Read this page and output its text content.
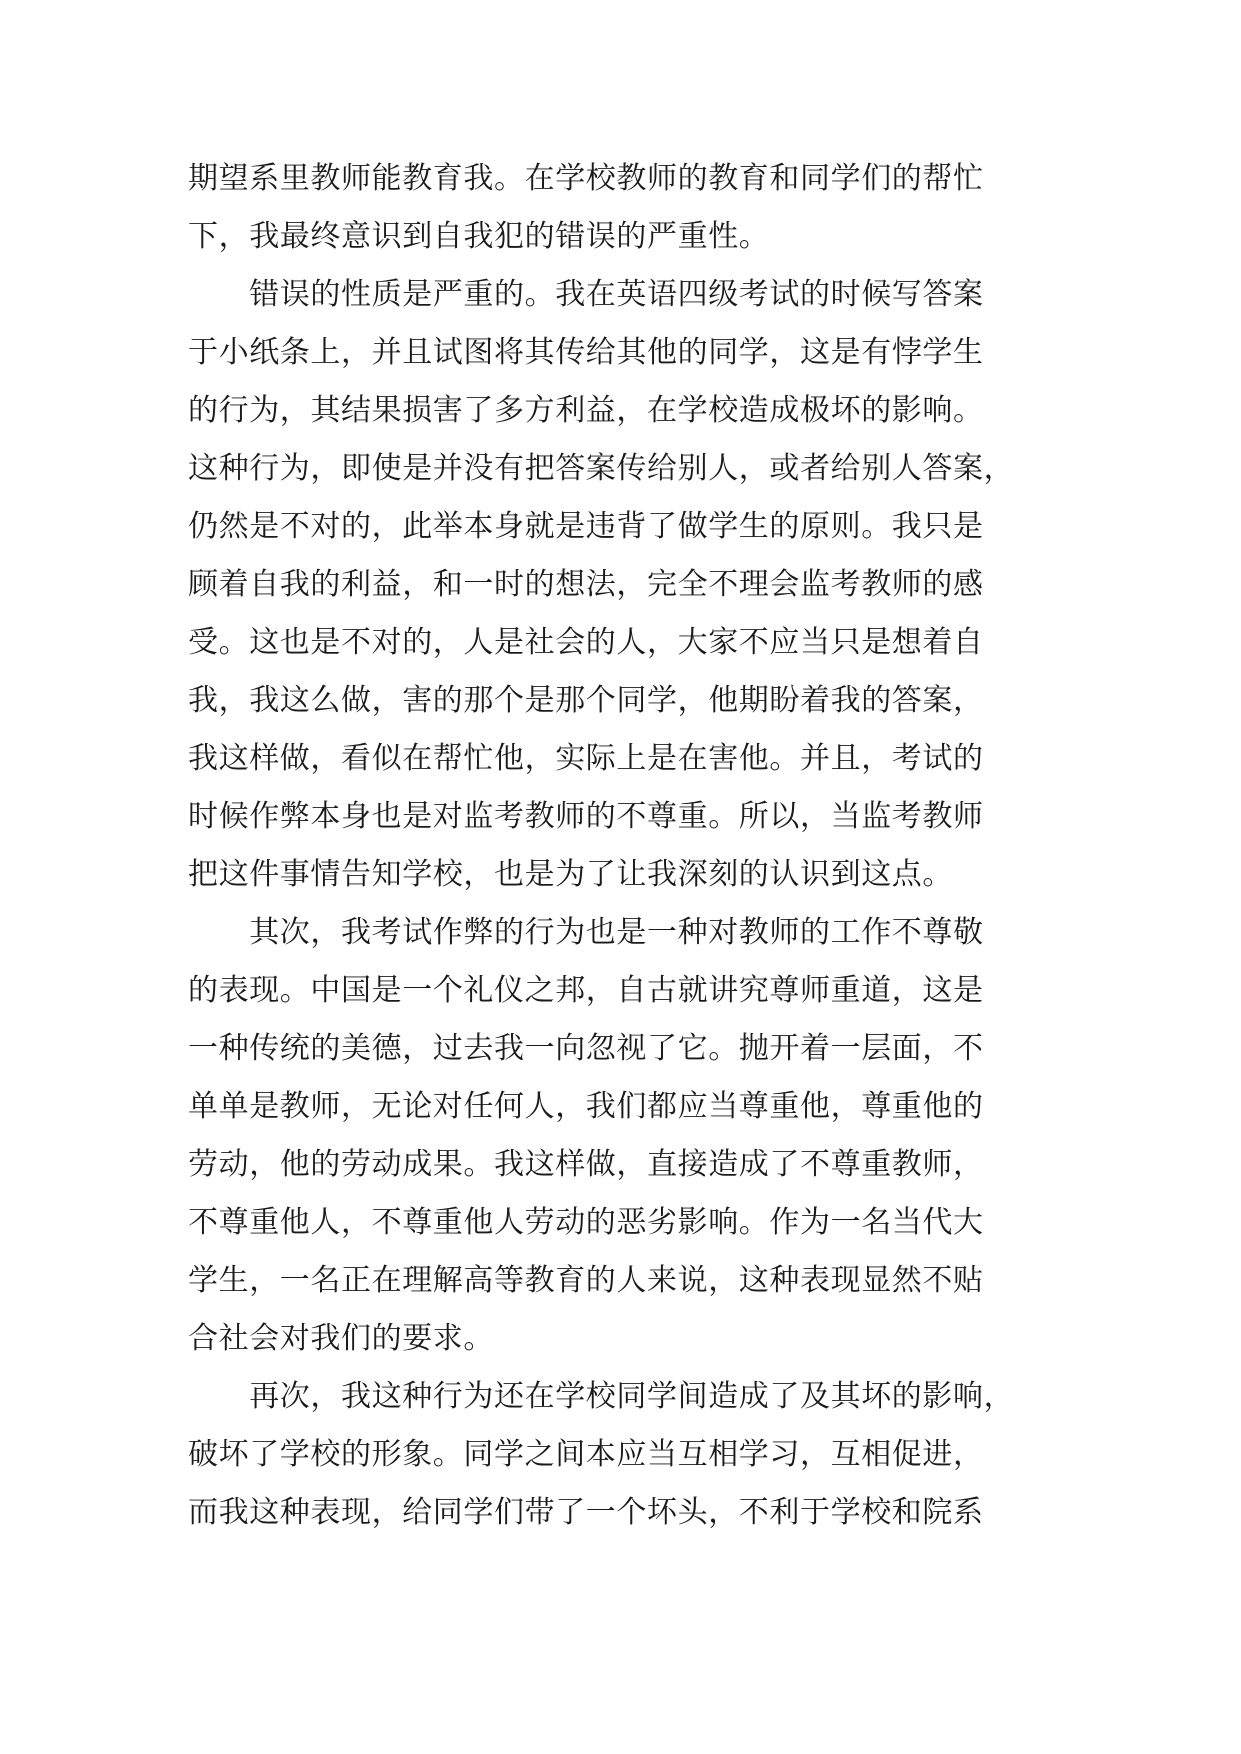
期望系里教师能教育我。在学校教师的教育和同学们的帮忙
下，我最终意识到自我犯的错误的严重性。
　　错误的性质是严重的。我在英语四级考试的时候写答案
于小纸条上，并且试图将其传给其他的同学，这是有悖学生
的行为，其结果损害了多方利益，在学校造成极坏的影响。
这种行为，即使是并没有把答案传给别人，或者给别人答案，
仍然是不对的，此举本身就是违背了做学生的原则。我只是
顾着自我的利益，和一时的想法，完全不理会监考教师的感
受。这也是不对的，人是社会的人，大家不应当只是想着自
我，我这么做，害的那个是那个同学，他期盼着我的答案，
我这样做，看似在帮忙他，实际上是在害他。并且，考试的
时候作弊本身也是对监考教师的不尊重。所以，当监考教师
把这件事情告知学校，也是为了让我深刻的认识到这点。
　　其次，我考试作弊的行为也是一种对教师的工作不尊敬
的表现。中国是一个礼仪之邦，自古就讲究尊师重道，这是
一种传统的美德，过去我一向忽视了它。抛开着一层面，不
单单是教师，无论对任何人，我们都应当尊重他，尊重他的
劳动，他的劳动成果。我这样做，直接造成了不尊重教师，
不尊重他人，不尊重他人劳动的恶劣影响。作为一名当代大
学生，一名正在理解高等教育的人来说，这种表现显然不贴
合社会对我们的要求。
　　再次，我这种行为还在学校同学间造成了及其坏的影响，
破坏了学校的形象。同学之间本应当互相学习，互相促进，
而我这种表现，给同学们带了一个坏头，不利于学校和院系
